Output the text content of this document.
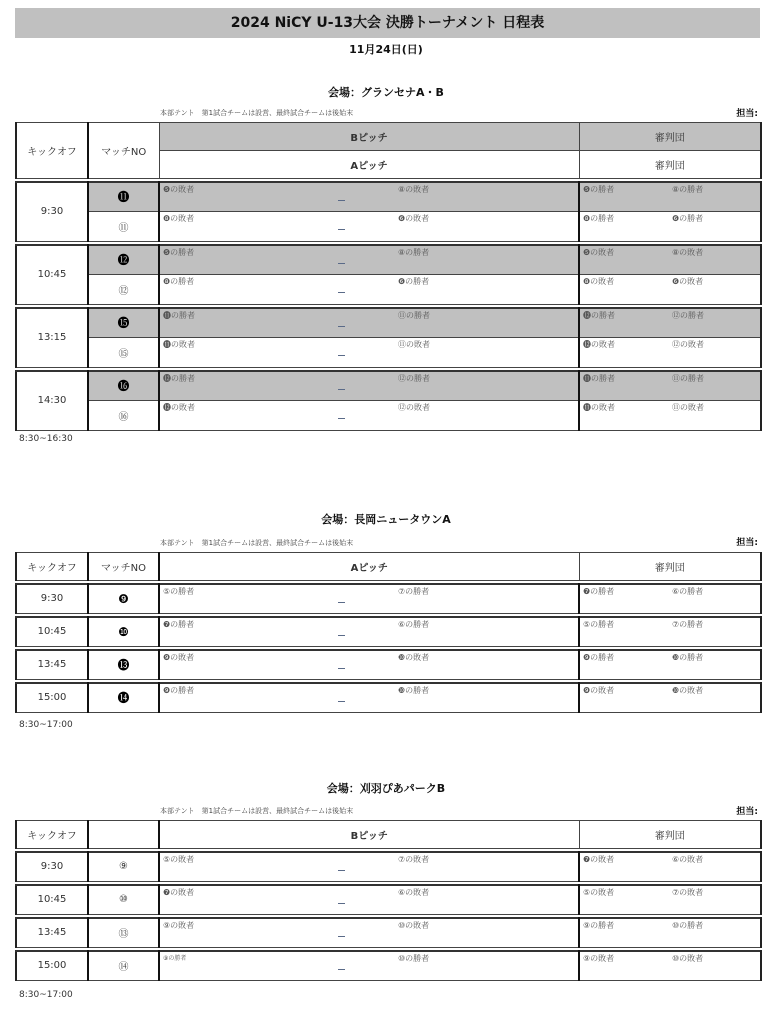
2024 NiCY U-13大会 決勝トーナメント 日程表
11月24日(日)
会場：グランセナA・B
本部テント　第1試合チームは設営、最終試合チームは後始末	担当:
キックオフ	マッチNO	Bピッチ	審判団
		Aピッチ	審判団

9:30	⓫	❺の敗者 ⑧の敗者	❺の勝者 ⑧の勝者

	⑪	❽の敗者 ❻の敗者	❽の勝者 ❻の勝者

10:45	⓬	❺の勝者 ⑧の勝者	❺の敗者 ⑧の敗者

	⑫	❽の勝者 ❻の勝者	❽の敗者 ❻の敗者

13:15	⓯	⓫の勝者 ⑪の勝者	⓬の勝者 ⑫の勝者

	⑮	⓫の敗者 ⑪の敗者	⓬の敗者 ⑫の敗者

14:30	⓰	⓬の勝者 ⑫の勝者	⓫の勝者 ⑪の勝者

	⑯	⓬の敗者 ⑫の敗者	⓫の敗者 ⑪の敗者
8:30~16:30
会場：長岡ニュータウンA
本部テント　第1試合チームは設営、最終試合チームは後始末	担当:
キックオフ	マッチNO	Aピッチ	審判団

9:30	❾	⑤の勝者 ⑦の勝者	❼の勝者 ⑥の勝者

10:45	❿	❼の勝者 ⑥の勝者	⑤の勝者 ⑦の勝者

13:45	⓭	❾の敗者 ❿の敗者	❾の勝者 ❿の勝者

15:00	⓮	❾の勝者 ❿の勝者	❾の敗者 ❿の敗者
8:30~17:00
会場：刈羽ぴあパークB
本部テント　第1試合チームは設営、最終試合チームは後始末	担当:
キックオフ		Bピッチ	審判団

9:30	⑨	⑤の敗者 ⑦の敗者	❼の敗者 ⑥の敗者

10:45	⑩	❼の敗者 ⑥の敗者	⑤の敗者 ⑦の敗者

13:45	⑬	⑨の敗者 ⑩の敗者	⑨の勝者 ⑩の勝者

15:00	⑭	⑨の勝者 ⑩の勝者	⑨の敗者 ⑩の敗者
8:30~17:00
